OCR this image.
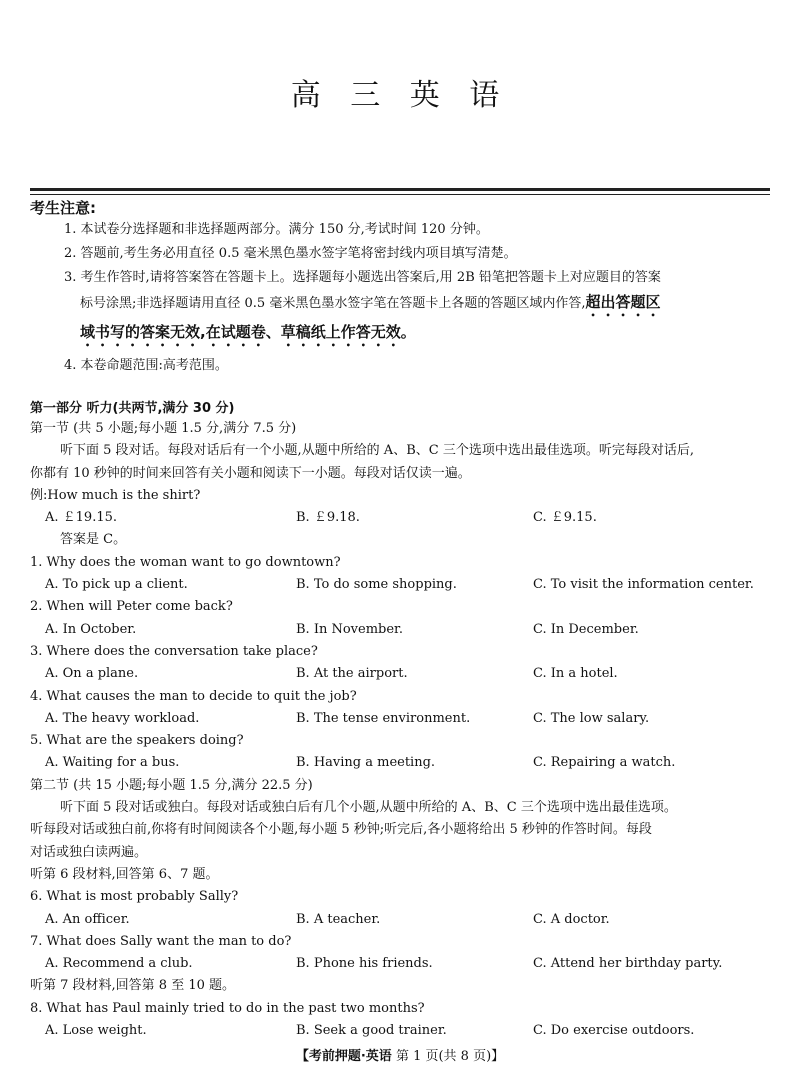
高 三 英 语
考生注意:
1. 本试卷分选择题和非选择题两部分。满分 150 分,考试时间 120 分钟。
2. 答题前,考生务必用直径 0.5 毫米黑色墨水签字笔将密封线内项目填写清楚。
3. 考生作答时,请将答案答在答题卡上。选择题每小题选出答案后,用 2B 铅笔把答题卡上对应题目的答案
标号涂黑;非选择题请用直径 0.5 毫米黑色墨水签字笔在答题卡上各题的答题区域内作答,超出答题区
域书写的答案无效,在试题卷、草稿纸上作答无效。
4. 本卷命题范围:高考范围。
第一部分 听力(共两节,满分 30 分)
第一节 (共 5 小题;每小题 1.5 分,满分 7.5 分)
听下面 5 段对话。每段对话后有一个小题,从题中所给的 A、B、C 三个选项中选出最佳选项。听完每段对话后,
你都有 10 秒钟的时间来回答有关小题和阅读下一小题。每段对话仅读一遍。
例:How much is the shirt?
A. ￡19.15.	B. ￡9.18.	C. ￡9.15.
答案是 C。
1. Why does the woman want to go downtown?
A. To pick up a client.	B. To do some shopping.	C. To visit the information center.
2. When will Peter come back?
A. In October.	B. In November.	C. In December.
3. Where does the conversation take place?
A. On a plane.	B. At the airport.	C. In a hotel.
4. What causes the man to decide to quit the job?
A. The heavy workload.	B. The tense environment.	C. The low salary.
5. What are the speakers doing?
A. Waiting for a bus.	B. Having a meeting.	C. Repairing a watch.
第二节 (共 15 小题;每小题 1.5 分,满分 22.5 分)
听下面 5 段对话或独白。每段对话或独白后有几个小题,从题中所给的 A、B、C 三个选项中选出最佳选项。
听每段对话或独白前,你将有时间阅读各个小题,每小题 5 秒钟;听完后,各小题将给出 5 秒钟的作答时间。每段
对话或独白读两遍。
听第 6 段材料,回答第 6、7 题。
6. What is most probably Sally?
A. An officer.	B. A teacher.	C. A doctor.
7. What does Sally want the man to do?
A. Recommend a club.	B. Phone his friends.	C. Attend her birthday party.
听第 7 段材料,回答第 8 至 10 题。
8. What has Paul mainly tried to do in the past two months?
A. Lose weight.	B. Seek a good trainer.	C. Do exercise outdoors.
【考前押题·英语 第 1 页(共 8 页)】
